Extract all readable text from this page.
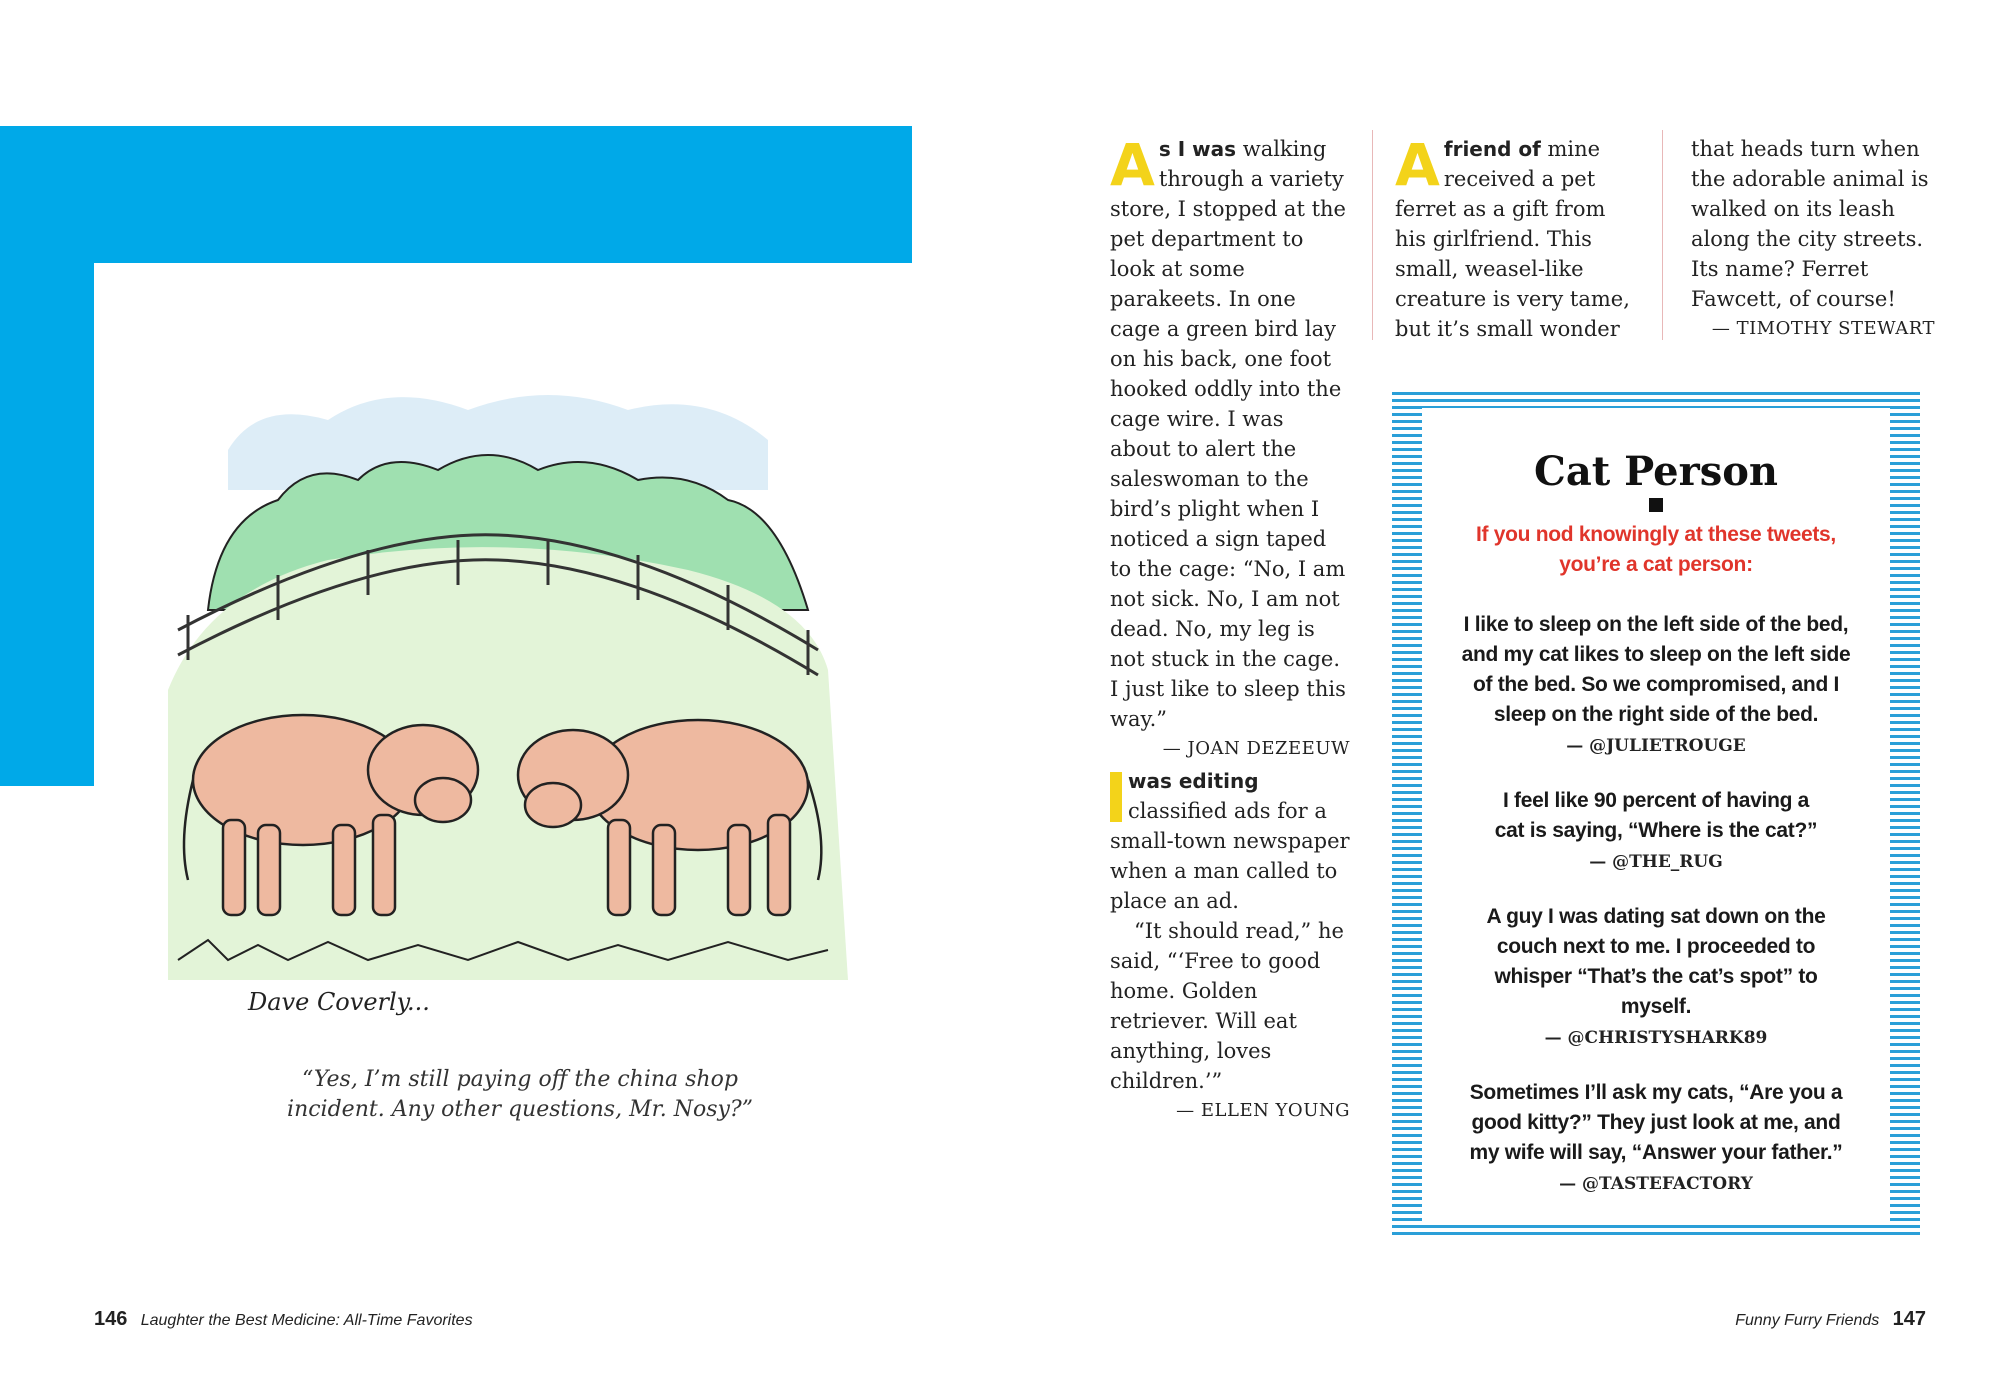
Dave Coverly...
“Yes, I’m still paying off the china shop
incident. Any other questions, Mr. Nosy?”

A s I was walking through a variety store, I stopped at the pet department to look at some parakeets. In one cage a green bird lay on his back, one foot hooked oddly into the cage wire. I was about to alert the saleswoman to the bird’s plight when I noticed a sign taped to the cage: “No, I am not sick. No, I am not dead. No, my leg is not stuck in the cage. I just like to sleep this way.”

— JOAN DEZEEUW

was editing classified ads for a small-town newspaper when a man called to place an ad.

“It should read,” he said, “‘Free to good home. Golden retriever. Will eat anything, loves children.’”

— ELLEN YOUNG

A friend of mine received a pet ferret as a gift from his girlfriend. This small, weasel-like creature is very tame, but it’s small wonder that heads turn when the adorable animal is walked on its leash along the city streets. Its name? Ferret Fawcett, of course!

— TIMOTHY STEWART

Cat Person
If you nod knowingly at these tweets, you’re a cat person:
I like to sleep on the left side of the bed, and my cat likes to sleep on the left side of the bed. So we compromised, and I sleep on the right side of the bed.
— @JULIETROUGE
I feel like 90 percent of having a cat is saying, “Where is the cat?”
— @THE_RUG
A guy I was dating sat down on the couch next to me. I proceeded to whisper “That’s the cat’s spot” to myself.
— @CHRISTYSHARK89
Sometimes I’ll ask my cats, “Are you a good kitty?” They just look at me, and my wife will say, “Answer your father.”
— @TASTEFACTORY
146 Laughter the Best Medicine: All-Time Favorites	Funny Furry Friends 147
